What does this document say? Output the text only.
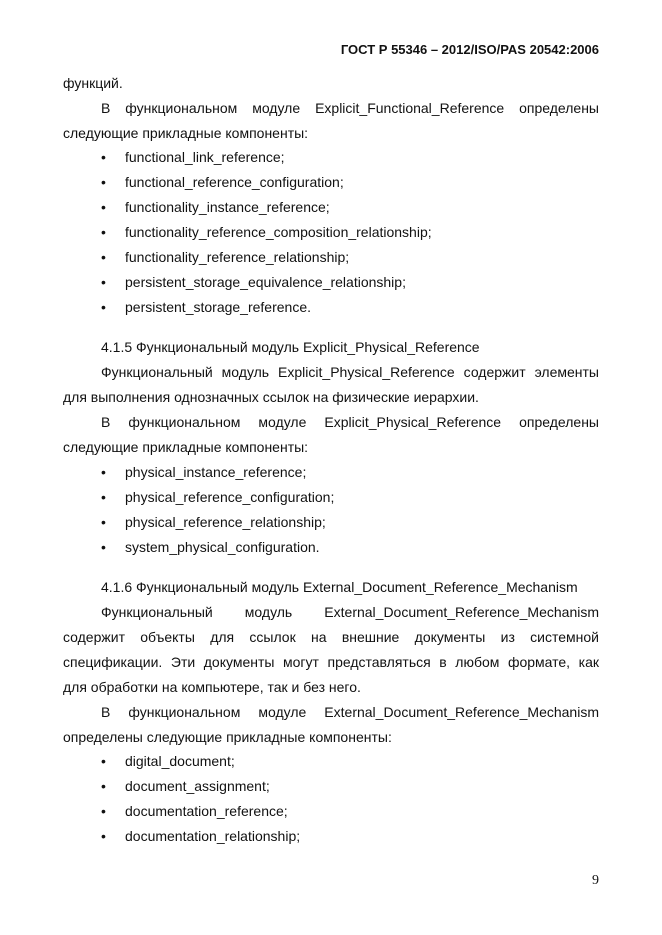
ГОСТ Р 55346 – 2012/ISO/PAS 20542:2006
функций.
В функциональном модуле Explicit_Functional_Reference определены
следующие прикладные компоненты:
• functional_link_reference;
• functional_reference_configuration;
• functionality_instance_reference;
• functionality_reference_composition_relationship;
• functionality_reference_relationship;
• persistent_storage_equivalence_relationship;
• persistent_storage_reference.
4.1.5 Функциональный модуль Explicit_Physical_Reference
Функциональный модуль Explicit_Physical_Reference содержит элементы
для выполнения однозначных ссылок на физические иерархии.
В функциональном модуле Explicit_Physical_Reference определены
следующие прикладные компоненты:
• physical_instance_reference;
• physical_reference_configuration;
• physical_reference_relationship;
• system_physical_configuration.
4.1.6 Функциональный модуль External_Document_Reference_Mechanism
Функциональный модуль External_Document_Reference_Mechanism
содержит объекты для ссылок на внешние документы из системной
спецификации. Эти документы могут представляться в любом формате, как
для обработки на компьютере, так и без него.
В функциональном модуле External_Document_Reference_Mechanism
определены следующие прикладные компоненты:
• digital_document;
• document_assignment;
• documentation_reference;
• documentation_relationship;
9
